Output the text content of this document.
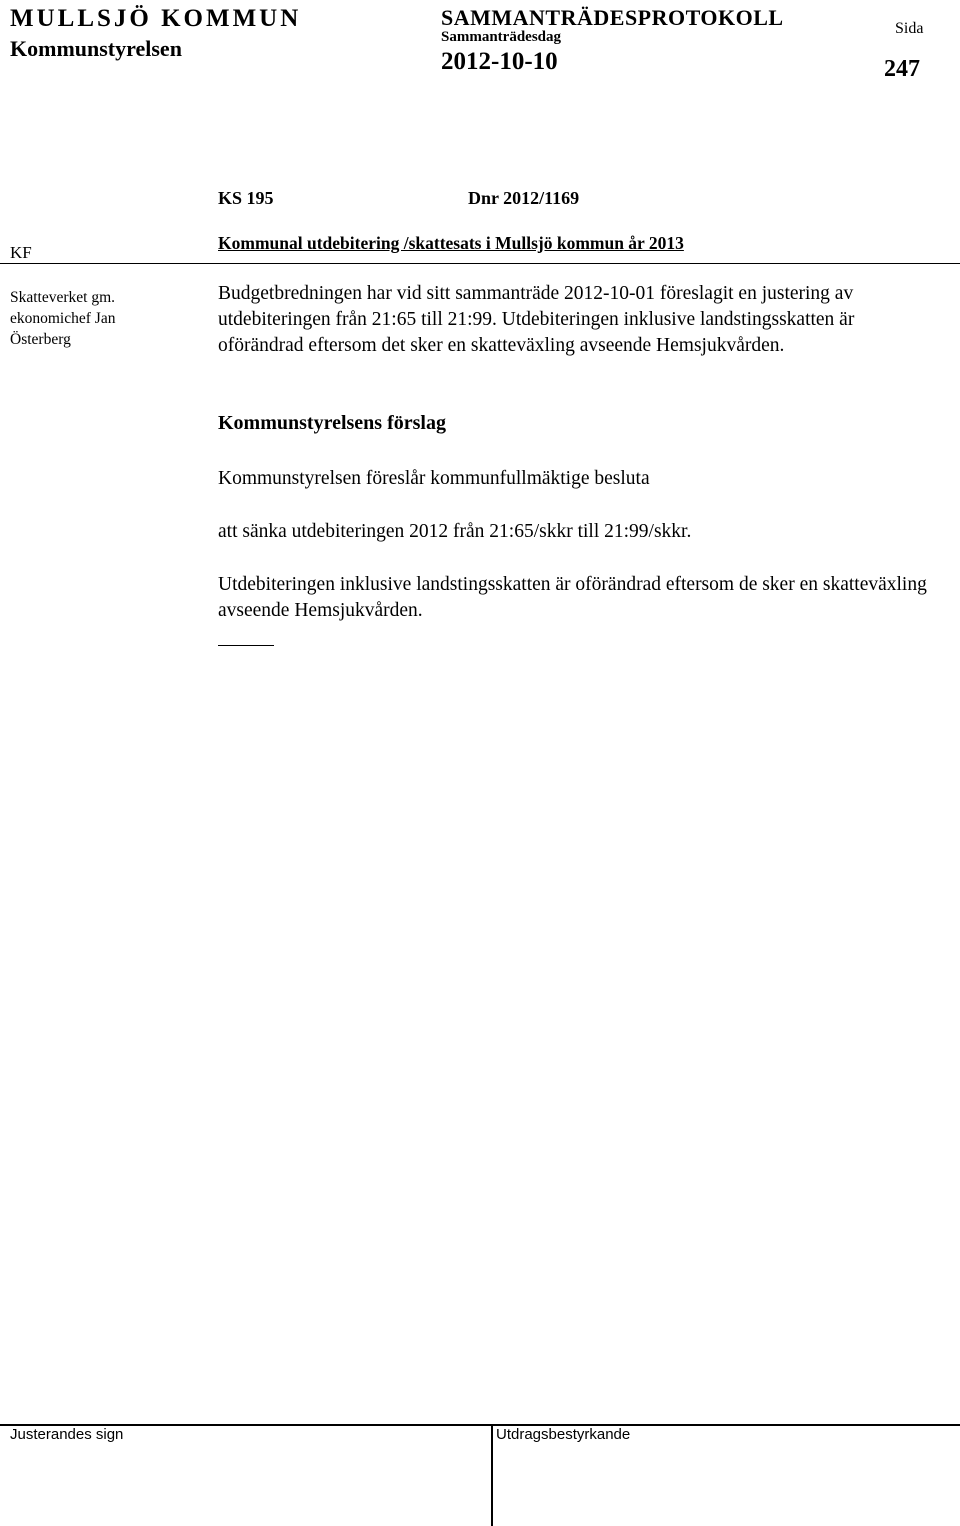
MULLSJÖ KOMMUN
Kommunstyrelsen
SAMMANTRÄDESPROTOKOLL
Sammanträdesdag
2012-10-10
Sida
247
KS 195	Dnr 2012/1169
KF	Kommunal utdebitering /skattesats i Mullsjö kommun år 2013
Skatteverket gm.
ekonomichef Jan
Österberg
Budgetbredningen har vid sitt sammanträde 2012-10-01 föreslagit en justering av utdebiteringen från 21:65 till 21:99. Utdebiteringen inklusive landstingsskatten är oförändrad eftersom det sker en skatteväxling avseende Hemsjukvården.
Kommunstyrelsens förslag
Kommunstyrelsen föreslår kommunfullmäktige besluta
att sänka utdebiteringen 2012 från 21:65/skkr till 21:99/skkr.
Utdebiteringen inklusive landstingsskatten är oförändrad eftersom de sker en skatteväxling avseende Hemsjukvården.
Justerandes sign	Utdragsbestyrkande
